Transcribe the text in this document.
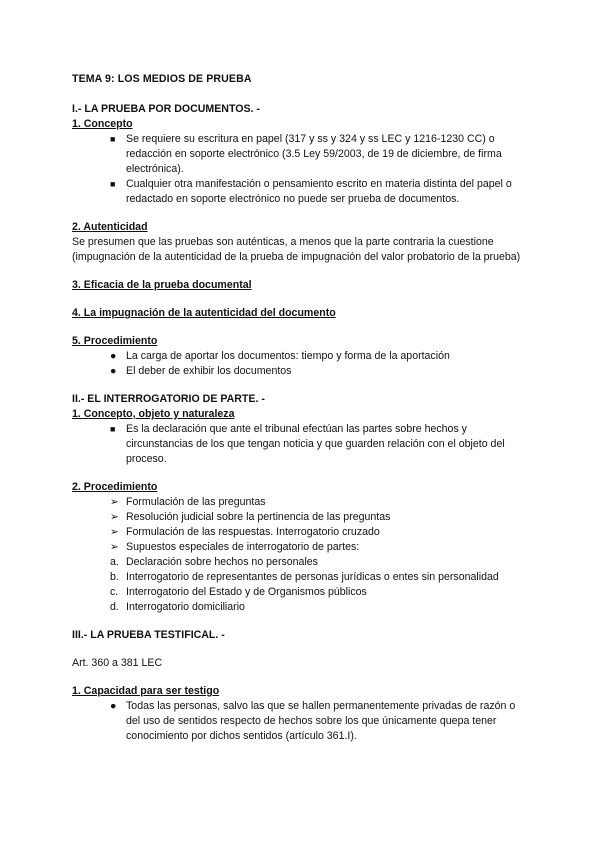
TEMA 9: LOS MEDIOS DE PRUEBA

I.- LA PRUEBA POR DOCUMENTOS. -

1. Concepto

■ Se requiere su escritura en papel (317 y ss y 324 y ss LEC y 1216-1230 CC) o redacción en soporte electrónico (3.5 Ley 59/2003, de 19 de diciembre, de firma electrónica).
■ Cualquier otra manifestación o pensamiento escrito en materia distinta del papel o redactado en soporte electrónico no puede ser prueba de documentos.

2. Autenticidad

Se presumen que las pruebas son auténticas, a menos que la parte contraria la cuestione (impugnación de la autenticidad de la prueba de impugnación del valor probatorio de la prueba)

3. Eficacia de la prueba documental

4. La impugnación de la autenticidad del documento

5. Procedimiento

● La carga de aportar los documentos: tiempo y forma de la aportación
● El deber de exhibir los documentos

II.- EL INTERROGATORIO DE PARTE. -

1. Concepto, objeto y naturaleza

■ Es la declaración que ante el tribunal efectúan las partes sobre hechos y circunstancias de los que tengan noticia y que guarden relación con el objeto del proceso.

2. Procedimiento

➢ Formulación de las preguntas
➢ Resolución judicial sobre la pertinencia de las preguntas
➢ Formulación de las respuestas. Interrogatorio cruzado
➢ Supuestos especiales de interrogatorio de partes:
a. Declaración sobre hechos no personales
b. Interrogatorio de representantes de personas jurídicas o entes sin personalidad
c. Interrogatorio del Estado y de Organismos públicos
d. Interrogatorio domiciliario

III.- LA PRUEBA TESTIFICAL. -

Art. 360 a 381 LEC

1. Capacidad para ser testigo

● Todas las personas, salvo las que se hallen permanentemente privadas de razón o del uso de sentidos respecto de hechos sobre los que únicamente quepa tener conocimiento por dichos sentidos (artículo 361.I).
